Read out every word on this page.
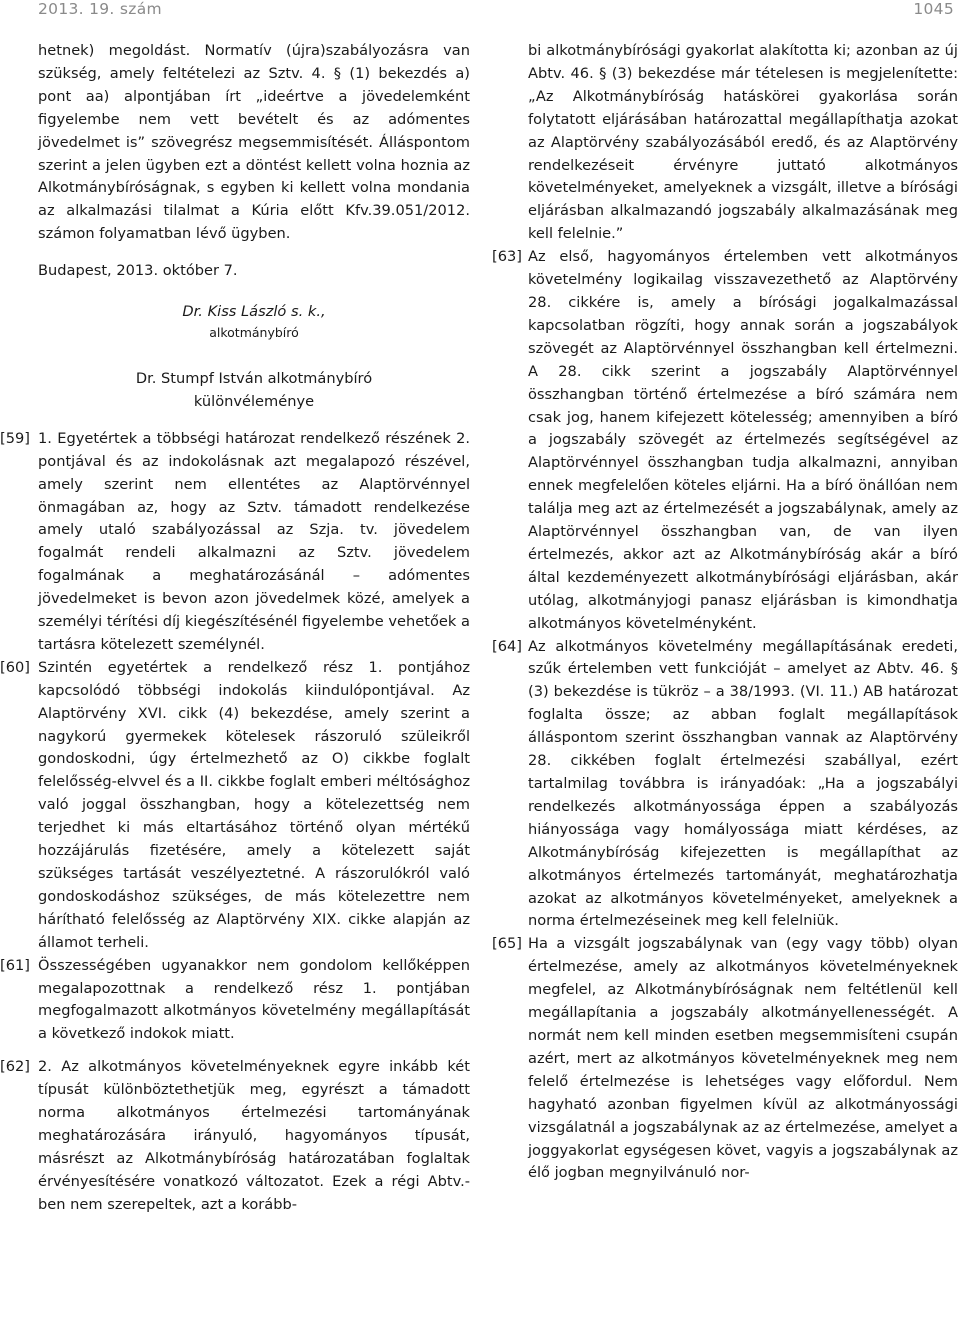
2013. 19. szám	1045

hetnek) megoldást. Normatív (újra)szabályozásra van szükség, amely feltételezi az Sztv. 4. § (1) bekezdés a) pont aa) alpontjában írt „ideértve a jövedelemként figyelembe nem vett bevételt és az adómentes jövedelmet is” szövegrész megsemmisítését. Álláspontom szerint a jelen ügyben ezt a döntést kellett volna hoznia az Alkotmánybíróságnak, s egyben ki kellett volna mondania az alkalmazási tilalmat a Kúria előtt Kfv.39.051/2012. számon folyamatban lévő ügyben.

Budapest, 2013. október 7.
Dr. Kiss László s. k.,
alkotmánybíró
Dr. Stumpf István alkotmánybíró
különvéleménye
[59] 1. Egyetértek a többségi határozat rendelkező részének 2. pontjával és az indokolásnak azt megalapozó részével, amely szerint nem ellentétes az Alaptörvénnyel önmagában az, hogy az Sztv. támadott rendelkezése amely utaló szabályozással az Szja. tv. jövedelem fogalmát rendeli alkalmazni az Sztv. jövedelem fogalmának a meghatározásánál – adómentes jövedelmeket is bevon azon jövedelmek közé, amelyek a személyi térítési díj kiegészítésénél figyelembe vehetőek a tartásra kötelezett személynél.

[60] Szintén egyetértek a rendelkező rész 1. pontjához kapcsolódó többségi indokolás kiindulópontjával. Az Alaptörvény XVI. cikk (4) bekezdése, amely szerint a nagykorú gyermekek kötelesek rászoruló szüleikről gondoskodni, úgy értelmezhető az O) cikkbe foglalt felelősség-elvvel és a II. cikkbe foglalt emberi méltósághoz való joggal összhangban, hogy a kötelezettség nem terjedhet ki más eltartásához történő olyan mértékű hozzájárulás fizetésére, amely a kötelezett saját szükséges tartását veszélyeztetné. A rászorulókról való gondoskodáshoz szükséges, de más kötelezettre nem hárítható felelősség az Alaptörvény XIX. cikke alapján az államot terheli.

[61] Összességében ugyanakkor nem gondolom kellőképpen megalapozottnak a rendelkező rész 1. pontjában megfogalmazott alkotmányos követelmény megállapítását a következő indokok miatt.

[62] 2. Az alkotmányos követelményeknek egyre inkább két típusát különböztethetjük meg, egyrészt a támadott norma alkotmányos értelmezési tartományának meghatározására irányuló, hagyományos típusát, másrészt az Alkotmánybíróság határozatában foglaltak érvényesítésére vonatkozó változatot. Ezek a régi Abtv.-ben nem szerepeltek, azt a korább-

bi alkotmánybírósági gyakorlat alakította ki; azonban az új Abtv. 46. § (3) bekezdése már tételesen is megjelenítette: „Az Alkotmánybíróság hatáskörei gyakorlása során folytatott eljárásában határozattal megállapíthatja azokat az Alaptörvény szabályozásából eredő, és az Alaptörvény rendelkezéseit érvényre juttató alkotmányos követelményeket, amelyeknek a vizsgált, illetve a bírósági eljárásban alkalmazandó jogszabály alkalmazásának meg kell felelnie.”

[63] Az első, hagyományos értelemben vett alkotmányos követelmény logikailag visszavezethető az Alaptörvény 28. cikkére is, amely a bírósági jogalkalmazással kapcsolatban rögzíti, hogy annak során a jogszabályok szövegét az Alaptörvénnyel összhangban kell értelmezni. A 28. cikk szerint a jogszabály Alaptörvénnyel összhangban történő értelmezése a bíró számára nem csak jog, hanem kifejezett kötelesség; amennyiben a bíró a jogszabály szövegét az értelmezés segítségével az Alaptörvénnyel összhangban tudja alkalmazni, annyiban ennek megfelelően köteles eljárni. Ha a bíró önállóan nem találja meg azt az értelmezését a jogszabálynak, amely az Alaptörvénnyel összhangban van, de van ilyen értelmezés, akkor azt az Alkotmánybíróság akár a bíró által kezdeményezett alkotmánybírósági eljárásban, akár utólag, alkotmányjogi panasz eljárásban is kimondhatja alkotmányos követelményként.

[64] Az alkotmányos követelmény megállapításának eredeti, szűk értelemben vett funkcióját – amelyet az Abtv. 46. § (3) bekezdése is tükröz – a 38/1993. (VI. 11.) AB határozat foglalta össze; az abban foglalt megállapítások álláspontom szerint összhangban vannak az Alaptörvény 28. cikkében foglalt értelmezési szabállyal, ezért tartalmilag továbbra is irányadóak: „Ha a jogszabályi rendelkezés alkotmányossága éppen a szabályozás hiányossága vagy homályossága miatt kérdéses, az Alkotmánybíróság kifejezetten is megállapíthat az alkotmányos értelmezés tartományát, meghatározhatja azokat az alkotmányos követelményeket, amelyeknek a norma értelmezéseinek meg kell felelniük.

[65] Ha a vizsgált jogszabálynak van (egy vagy több) olyan értelmezése, amely az alkotmányos követelményeknek megfelel, az Alkotmánybíróságnak nem feltétlenül kell megállapítania a jogszabály alkotmányellenességét. A normát nem kell minden esetben megsemmisíteni csupán azért, mert az alkotmányos követelményeknek meg nem felelő értelmezése is lehetséges vagy előfordul. Nem hagyható azonban figyelmen kívül az alkotmányossági vizsgálatnál a jogszabálynak az az értelmezése, amelyet a joggyakorlat egységesen követ, vagyis a jogszabálynak az élő jogban megnyilvánuló nor-
